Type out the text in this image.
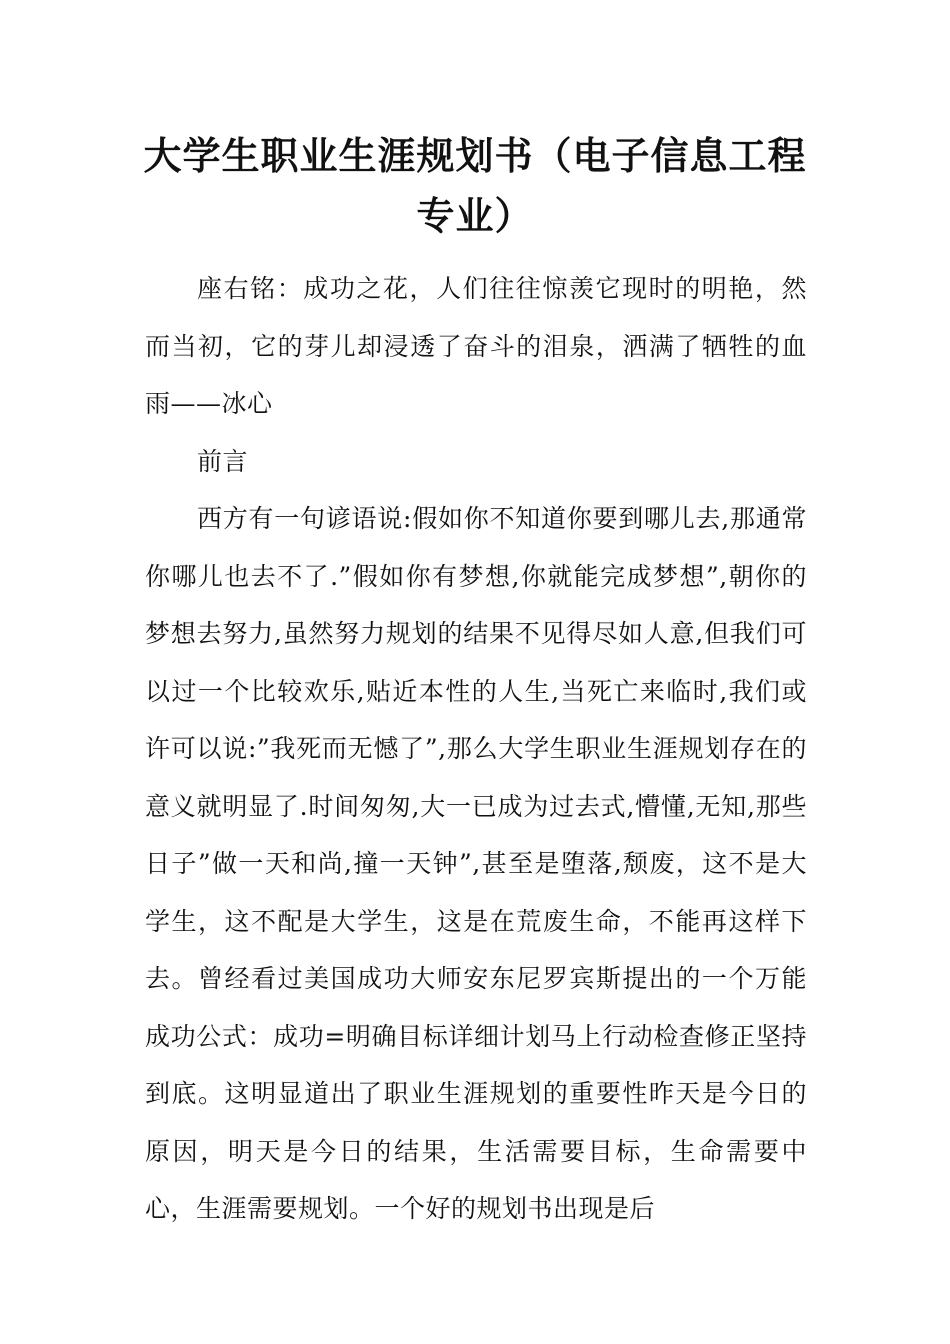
大学生职业生涯规划书（电子信息工程专业）

座右铭：成功之花，人们往往惊羡它现时的明艳，然而当初，它的芽儿却浸透了奋斗的泪泉，洒满了牺牲的血雨——冰心

前言

西方有一句谚语说:假如你不知道你要到哪儿去,那通常你哪儿也去不了.”假如你有梦想,你就能完成梦想”,朝你的梦想去努力,虽然努力规划的结果不见得尽如人意,但我们可以过一个比较欢乐,贴近本性的人生,当死亡来临时,我们或许可以说:”我死而无憾了”,那么大学生职业生涯规划存在的意义就明显了.时间匆匆,大一已成为过去式,懵懂,无知,那些日子”做一天和尚,撞一天钟”,甚至是堕落,颓废，这不是大学生，这不配是大学生，这是在荒废生命，不能再这样下去。曾经看过美国成功大师安东尼罗宾斯提出的一个万能成功公式：成功=明确目标详细计划马上行动检查修正坚持到底。这明显道出了职业生涯规划的重要性昨天是今日的原因，明天是今日的结果，生活需要目标，生命需要中心，生涯需要规划。一个好的规划书出现是后
